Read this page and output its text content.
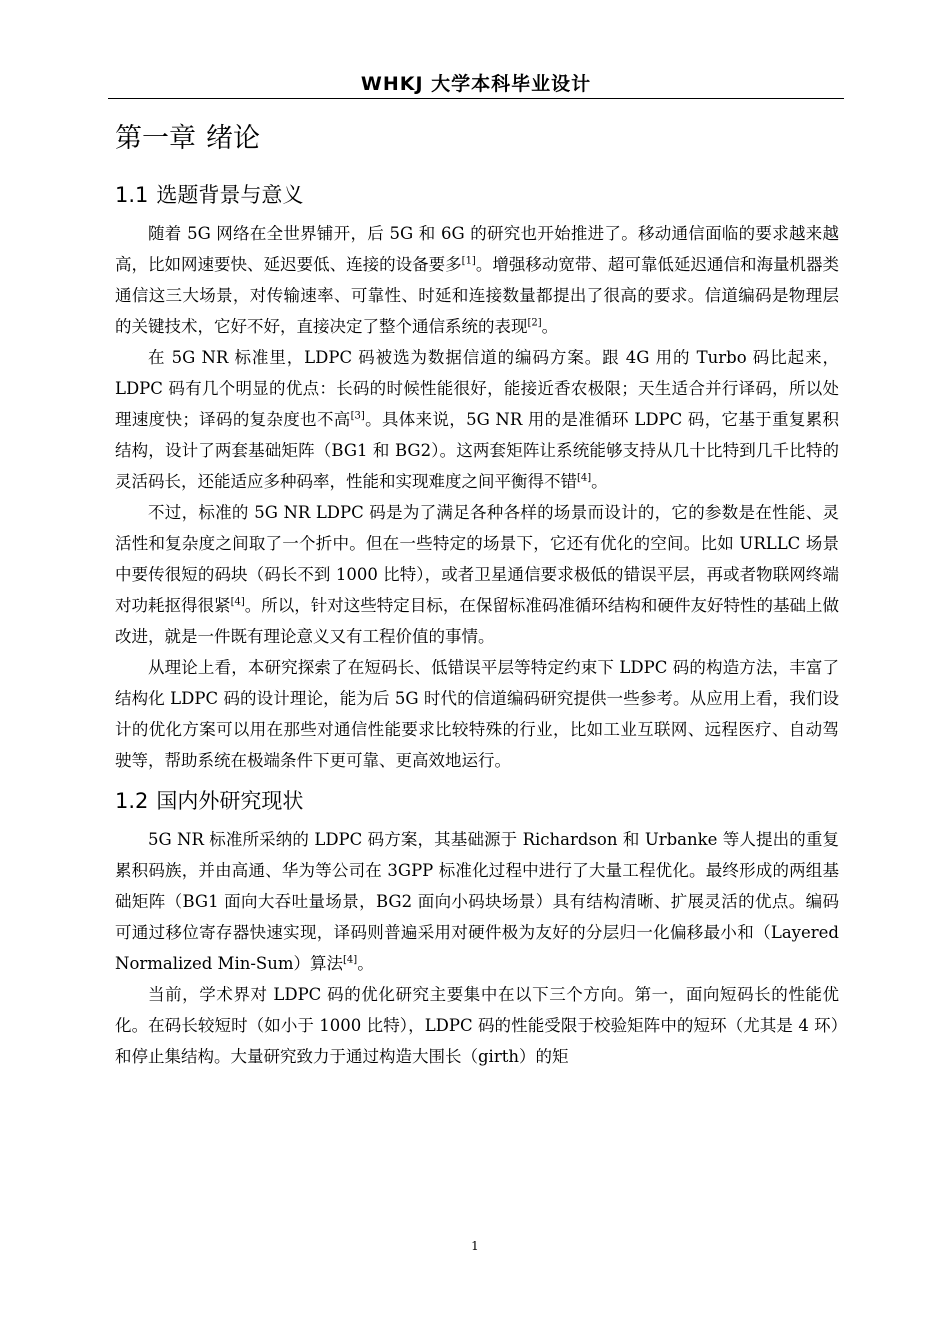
WHKJ 大学本科毕业设计
第一章 绪论
1.1 选题背景与意义

随着 5G 网络在全世界铺开，后 5G 和 6G 的研究也开始推进了。移动通信面临的要求越来越高，比如网速要快、延迟要低、连接的设备要多[1]。增强移动宽带、超可靠低延迟通信和海量机器类通信这三大场景，对传输速率、可靠性、时延和连接数量都提出了很高的要求。信道编码是物理层的关键技术，它好不好，直接决定了整个通信系统的表现[2]。

在 5G NR 标准里，LDPC 码被选为数据信道的编码方案。跟 4G 用的 Turbo 码比起来，LDPC 码有几个明显的优点：长码的时候性能很好，能接近香农极限；天生适合并行译码，所以处理速度快；译码的复杂度也不高[3]。具体来说，5G NR 用的是准循环 LDPC 码，它基于重复累积结构，设计了两套基础矩阵（BG1 和 BG2）。这两套矩阵让系统能够支持从几十比特到几千比特的灵活码长，还能适应多种码率，性能和实现难度之间平衡得不错[4]。

不过，标准的 5G NR LDPC 码是为了满足各种各样的场景而设计的，它的参数是在性能、灵活性和复杂度之间取了一个折中。但在一些特定的场景下，它还有优化的空间。比如 URLLC 场景中要传很短的码块（码长不到 1000 比特），或者卫星通信要求极低的错误平层，再或者物联网终端对功耗抠得很紧[4]。所以，针对这些特定目标，在保留标准码准循环结构和硬件友好特性的基础上做改进，就是一件既有理论意义又有工程价值的事情。

从理论上看，本研究探索了在短码长、低错误平层等特定约束下 LDPC 码的构造方法，丰富了结构化 LDPC 码的设计理论，能为后 5G 时代的信道编码研究提供一些参考。从应用上看，我们设计的优化方案可以用在那些对通信性能要求比较特殊的行业，比如工业互联网、远程医疗、自动驾驶等，帮助系统在极端条件下更可靠、更高效地运行。

1.2 国内外研究现状

5G NR 标准所采纳的 LDPC 码方案，其基础源于 Richardson 和 Urbanke 等人提出的重复累积码族，并由高通、华为等公司在 3GPP 标准化过程中进行了大量工程优化。最终形成的两组基础矩阵（BG1 面向大吞吐量场景，BG2 面向小码块场景）具有结构清晰、扩展灵活的优点。编码可通过移位寄存器快速实现，译码则普遍采用对硬件极为友好的分层归一化偏移最小和（Layered Normalized Min-Sum）算法[4]。

当前，学术界对 LDPC 码的优化研究主要集中在以下三个方向。第一，面向短码长的性能优化。在码长较短时（如小于 1000 比特），LDPC 码的性能受限于校验矩阵中的短环（尤其是 4 环）和停止集结构。大量研究致力于通过构造大围长（girth）的矩

1
